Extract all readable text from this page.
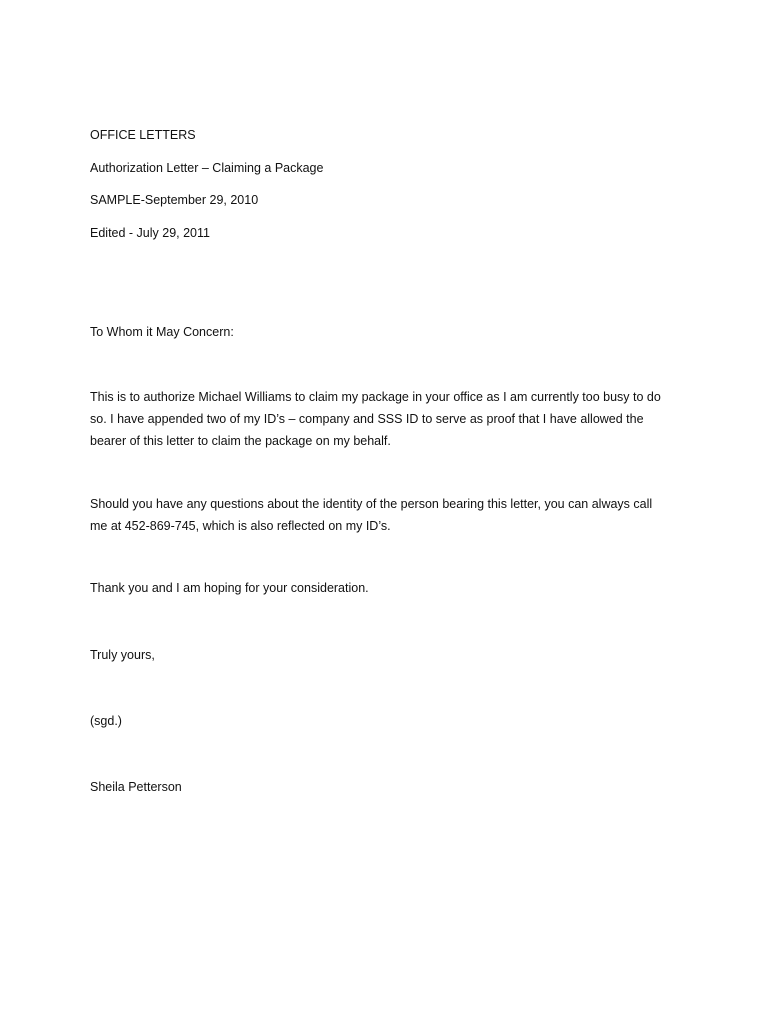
OFFICE LETTERS

Authorization Letter – Claiming a Package

SAMPLE-September 29, 2010

Edited - July 29, 2011

To Whom it May Concern:

This is to authorize Michael Williams to claim my package in your office as I am currently too busy to do
so. I have appended two of my ID’s – company and SSS ID to serve as proof that I have allowed the
bearer of this letter to claim the package on my behalf.
Should you have any questions about the identity of the person bearing this letter, you can always call
me at 452-869-745, which is also reflected on my ID’s.

Thank you and I am hoping for your consideration.

Truly yours,

(sgd.)

Sheila Petterson
